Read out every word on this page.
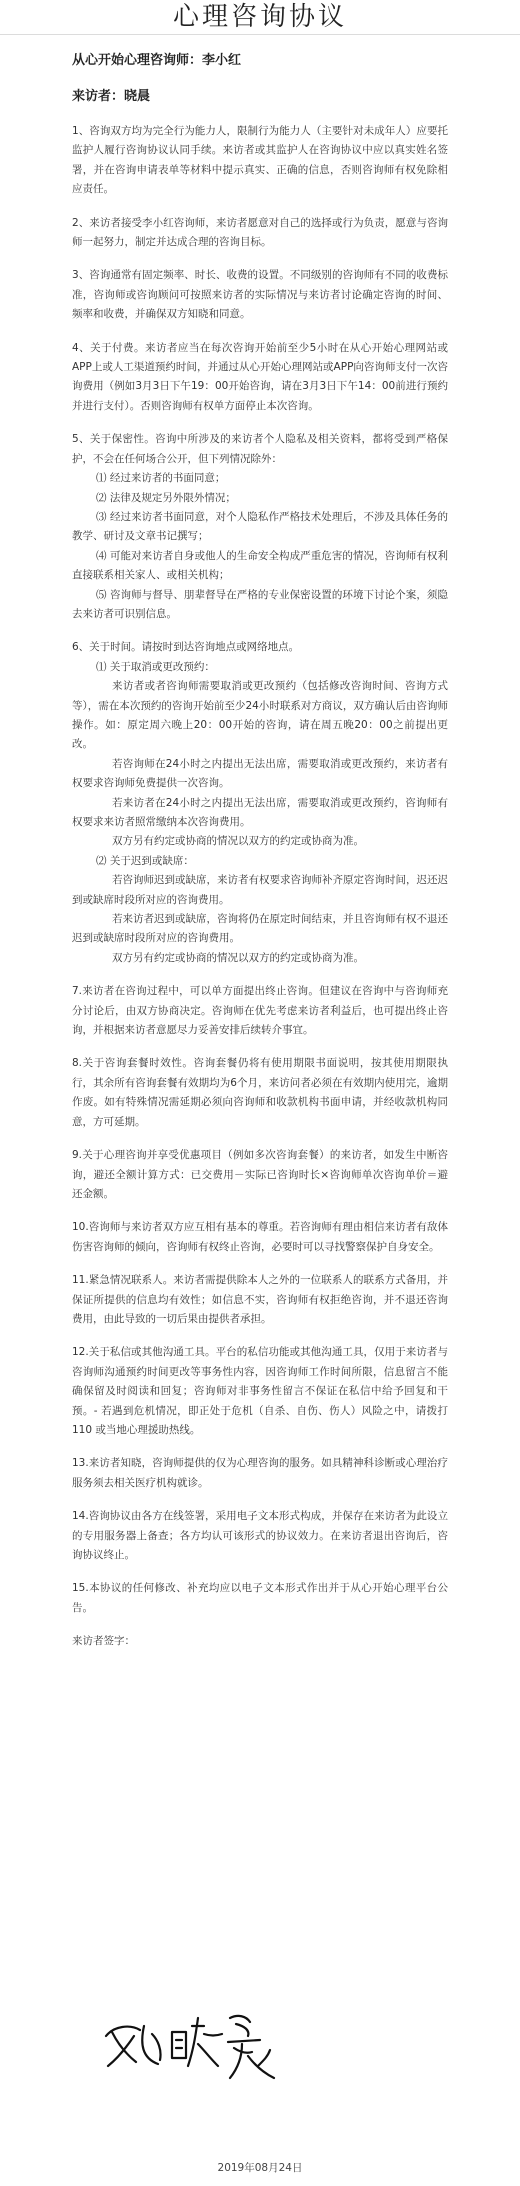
心理咨询协议

从心开始心理咨询师：李小红

来访者：晓晨

1、咨询双方均为完全行为能力人，限制行为能力人（主要针对未成年人）应要托监护人履行咨询协议认同手续。来访者或其监护人在咨询协议中应以真实姓名签署，并在咨询申请表单等材料中提示真实、正确的信息，否则咨询师有权免除相应责任。

2、来访者接受李小红咨询师，来访者愿意对自己的选择或行为负责，愿意与咨询师一起努力，制定并达成合理的咨询目标。

3、咨询通常有固定频率、时长、收费的设置。不同级别的咨询师有不同的收费标准，咨询师或咨询顾问可按照来访者的实际情况与来访者讨论确定咨询的时间、频率和收费，并确保双方知晓和同意。

4、关于付费。来访者应当在每次咨询开始前至少5小时在从心开始心理网站或APP上或人工渠道预约时间，并通过从心开始心理网站或APP向咨询师支付一次咨询费用（例如3月3日下午19：00开始咨询，请在3月3日下午14：00前进行预约并进行支付）。否则咨询师有权单方面停止本次咨询。

5、关于保密性。咨询中所涉及的来访者个人隐私及相关资料，都将受到严格保护，不会在任何场合公开，但下列情况除外：

⑴ 经过来访者的书面同意；

⑵ 法律及规定另外限外情况；

⑶ 经过来访者书面同意，对个人隐私作严格技术处理后，不涉及具体任务的教学、研讨及文章书记撰写；

⑷ 可能对来访者自身或他人的生命安全构成严重危害的情况，咨询师有权利直接联系相关家人、或相关机构；

⑸ 咨询师与督导、朋辈督导在严格的专业保密设置的环境下讨论个案，须隐去来访者可识别信息。

6、关于时间。请按时到达咨询地点或网络地点。

⑴ 关于取消或更改预约：

来访者或者咨询师需要取消或更改预约（包括修改咨询时间、咨询方式等），需在本次预约的咨询开始前至少24小时联系对方商议，双方确认后由咨询师操作。如：原定周六晚上20：00开始的咨询，请在周五晚20：00之前提出更改。

若咨询师在24小时之内提出无法出席，需要取消或更改预约，来访者有权要求咨询师免费提供一次咨询。

若来访者在24小时之内提出无法出席，需要取消或更改预约，咨询师有权要求来访者照常缴纳本次咨询费用。

双方另有约定或协商的情况以双方的约定或协商为准。

⑵ 关于迟到或缺席：

若咨询师迟到或缺席，来访者有权要求咨询师补齐原定咨询时间，迟还迟到或缺席时段所对应的咨询费用。

若来访者迟到或缺席，咨询将仍在原定时间结束，并且咨询师有权不退还迟到或缺席时段所对应的咨询费用。

双方另有约定或协商的情况以双方的约定或协商为准。

7.来访者在咨询过程中，可以单方面提出终止咨询。但建议在咨询中与咨询师充分讨论后，由双方协商决定。咨询师在优先考虑来访者利益后，也可提出终止咨询，并根据来访者意愿尽力妥善安排后续转介事宜。

8.关于咨询套餐时效性。咨询套餐仍将有使用期限书面说明，按其使用期限执行，其余所有咨询套餐有效期均为6个月，来访问者必须在有效期内使用完，逾期作废。如有特殊情况需延期必须向咨询师和收款机构书面申请，并经收款机构同意，方可延期。

9.关于心理咨询并享受优惠项目（例如多次咨询套餐）的来访者，如发生中断咨询，避还全额计算方式：已交费用－实际已咨询时长×咨询师单次咨询单价＝避还金额。

10.咨询师与来访者双方应互相有基本的尊重。若咨询师有理由相信来访者有敌体伤害咨询师的倾向，咨询师有权终止咨询，必要时可以寻找警察保护自身安全。

11.紧急情况联系人。来访者需提供除本人之外的一位联系人的联系方式备用，并保证所提供的信息均有效性；如信息不实，咨询师有权拒绝咨询，并不退还咨询费用，由此导致的一切后果由提供者承担。

12.关于私信或其他沟通工具。平台的私信功能或其他沟通工具，仅用于来访者与咨询师沟通预约时间更改等事务性内容，因咨询师工作时间所限，信息留言不能确保留及时阅读和回复；咨询师对非事务性留言不保证在私信中给予回复和干预。- 若遇到危机情况，即正处于危机（自杀、自伤、伤人）风险之中，请拨打 110 或当地心理援助热线。

13.来访者知晓，咨询师提供的仅为心理咨询的服务。如具精神科诊断或心理治疗服务须去相关医疗机构就诊。

14.咨询协议由各方在线签署，采用电子文本形式构成，并保存在来访者为此设立的专用服务器上备查；各方均认可该形式的协议效力。在来访者退出咨询后，咨询协议终止。

15.本协议的任何修改、补充均应以电子文本形式作出并于从心开始心理平台公告。

来访者签字：

2019年08月24日
